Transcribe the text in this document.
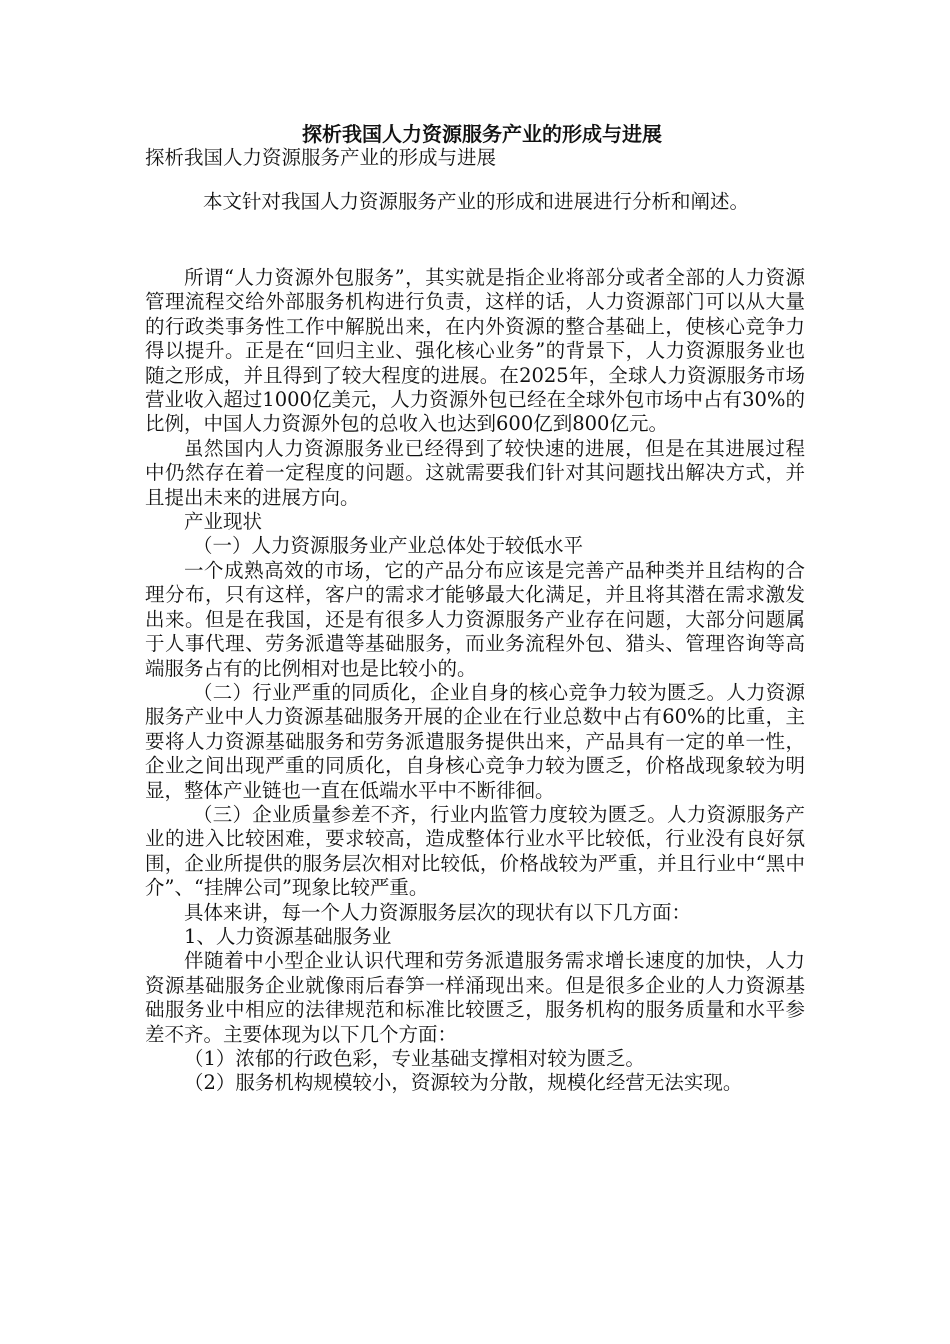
探析我国人力资源服务产业的形成与进展

探析我国人力资源服务产业的形成与进展

本文针对我国人力资源服务产业的形成和进展进行分析和阐述。

所谓“人力资源外包服务”，其实就是指企业将部分或者全部的人力资源管理流程交给外部服务机构进行负责，这样的话，人力资源部门可以从大量的行政类事务性工作中解脱出来，在内外资源的整合基础上，使核心竞争力得以提升。正是在“回归主业、强化核心业务”的背景下，人力资源服务业也随之形成，并且得到了较大程度的进展。在2025年，全球人力资源服务市场营业收入超过1000亿美元，人力资源外包已经在全球外包市场中占有30%的比例，中国人力资源外包的总收入也达到600亿到800亿元。

虽然国内人力资源服务业已经得到了较快速的进展，但是在其进展过程中仍然存在着一定程度的问题。这就需要我们针对其问题找出解决方式，并且提出未来的进展方向。

产业现状

（一）人力资源服务业产业总体处于较低水平

一个成熟高效的市场，它的产品分布应该是完善产品种类并且结构的合理分布，只有这样，客户的需求才能够最大化满足，并且将其潜在需求激发出来。但是在我国，还是有很多人力资源服务产业存在问题，大部分问题属于人事代理、劳务派遣等基础服务，而业务流程外包、猎头、管理咨询等高端服务占有的比例相对也是比较小的。

（二）行业严重的同质化，企业自身的核心竞争力较为匮乏。人力资源服务产业中人力资源基础服务开展的企业在行业总数中占有60%的比重，主要将人力资源基础服务和劳务派遣服务提供出来，产品具有一定的单一性，企业之间出现严重的同质化，自身核心竞争力较为匮乏，价格战现象较为明显，整体产业链也一直在低端水平中不断徘徊。

（三）企业质量参差不齐，行业内监管力度较为匮乏。人力资源服务产业的进入比较困难，要求较高，造成整体行业水平比较低，行业没有良好氛围，企业所提供的服务层次相对比较低，价格战较为严重，并且行业中“黑中介”、“挂牌公司”现象比较严重。

具体来讲，每一个人力资源服务层次的现状有以下几方面：

1、人力资源基础服务业

伴随着中小型企业认识代理和劳务派遣服务需求增长速度的加快，人力资源基础服务企业就像雨后春笋一样涌现出来。但是很多企业的人力资源基础服务业中相应的法律规范和标准比较匮乏，服务机构的服务质量和水平参差不齐。主要体现为以下几个方面：

（1）浓郁的行政色彩，专业基础支撑相对较为匮乏。

（2）服务机构规模较小，资源较为分散，规模化经营无法实现。
